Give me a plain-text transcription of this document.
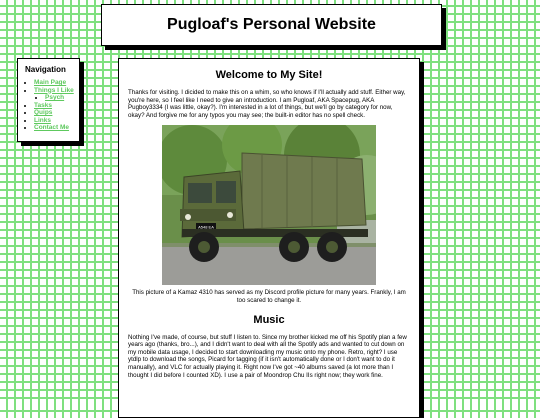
Pugloaf's Personal Website
Navigation
• Main Page
• Things I Like
• Psych
• Tasks
• Quips
• Links
• Contact Me
Welcome to My Site!

Thanks for visiting. I dicided to make this on a whim, so who knows if I'll actually add stuff. Either way, you're here, so I feel like I need to give an introduction. I am Pugloaf, AKA Spacepug, AKA Pugboy3334 (I was little, okay?). I'm interested in a lot of things, but we'll go by category for now, okay? And forgive me for any typos you may see; the built-in editor has no spell check.

А548 ЕА

This picture of a Kamaz 4310 has served as my Discord profile picture for many years. Frankly, I am too scared to change it.

Music

Nothing I've made, of course, but stuff I listen to. Since my brother kicked me off his Spotify plan a few years ago (thanks, bro...), and I didn't want to deal with all the Spotify ads and wanted to cut down on my mobile data usage, I decided to start downloading my music onto my phone. Retro, right? I use ytdlp to download the songs, Picard for tagging (if it isn't automatically done or I don't want to do it manually), and VLC for actually playing it. Right now I've got ~40 albums saved (a lot more than I thought I did before I counted XD). I use a pair of Moondrop Chu IIs right now; they work fine.
